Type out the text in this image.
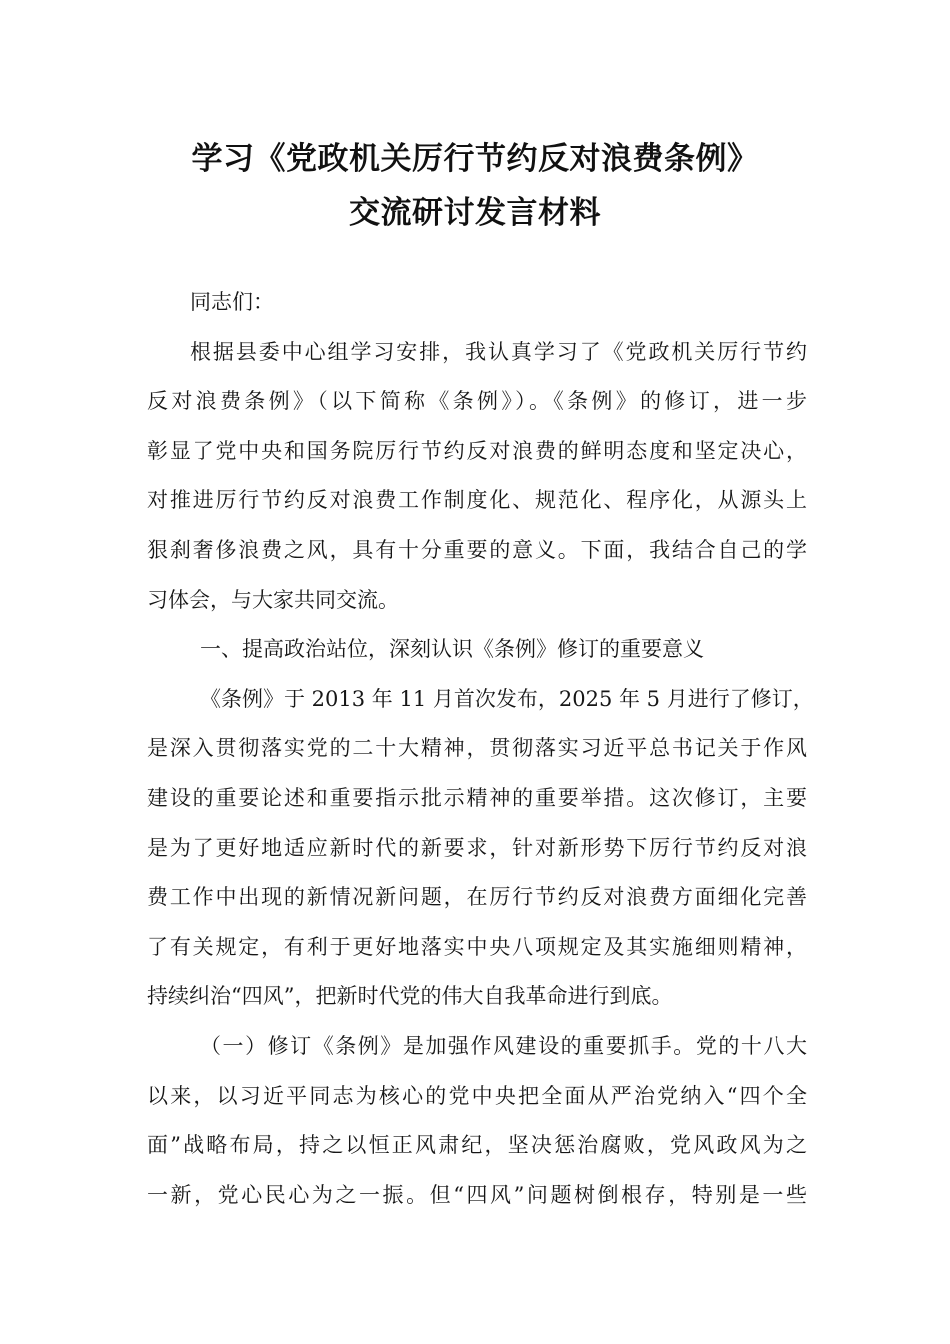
学习《党政机关厉行节约反对浪费条例》
交流研讨发言材料
同志们：
根据县委中心组学习安排，我认真学习了《党政机关厉行节约
反对浪费条例》（以下简称《条例》）。《条例》的修订，进一步
彰显了党中央和国务院厉行节约反对浪费的鲜明态度和坚定决心，
对推进厉行节约反对浪费工作制度化、规范化、程序化，从源头上
狠刹奢侈浪费之风，具有十分重要的意义。下面，我结合自己的学
习体会，与大家共同交流。
一、提高政治站位，深刻认识《条例》修订的重要意义
《条例》于 2013 年 11 月首次发布，2025 年 5 月进行了修订，
是深入贯彻落实党的二十大精神，贯彻落实习近平总书记关于作风
建设的重要论述和重要指示批示精神的重要举措。这次修订，主要
是为了更好地适应新时代的新要求，针对新形势下厉行节约反对浪
费工作中出现的新情况新问题，在厉行节约反对浪费方面细化完善
了有关规定，有利于更好地落实中央八项规定及其实施细则精神，
持续纠治“四风”，把新时代党的伟大自我革命进行到底。
（一）修订《条例》是加强作风建设的重要抓手。党的十八大
以来，以习近平同志为核心的党中央把全面从严治党纳入“四个全
面”战略布局，持之以恒正风肃纪，坚决惩治腐败，党风政风为之
一新，党心民心为之一振。但“四风”问题树倒根存，特别是一些
